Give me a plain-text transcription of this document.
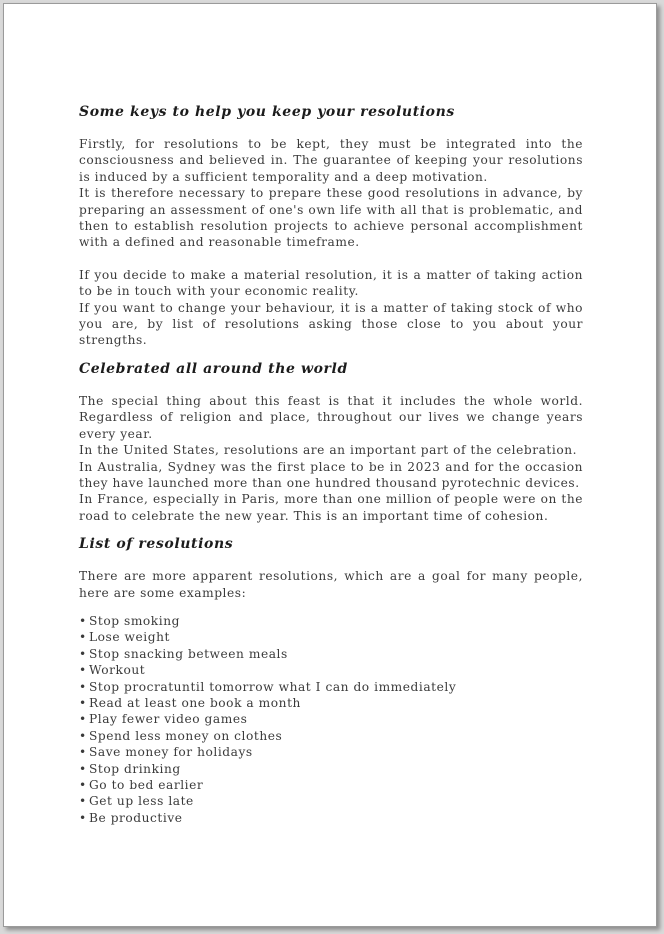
Some keys to help you keep your resolutions

Firstly, for resolutions to be kept, they must be integrated into the consciousness and believed in. The guarantee of keeping your resolutions is induced by a sufficient temporality and a deep motivation.

It is therefore necessary to prepare these good resolutions in advance, by preparing an assessment of one's own life with all that is problematic, and then to establish resolution projects to achieve personal accomplishment with a defined and reasonable timeframe.

If you decide to make a material resolution, it is a matter of taking action to be in touch with your economic reality.

If you want to change your behaviour, it is a matter of taking stock of who you are, by list of resolutions asking those close to you about your strengths.

Celebrated all around the world

The special thing about this feast is that it includes the whole world. Regardless of religion and place, throughout our lives we change years every year.

In the United States, resolutions are an important part of the celebration.

In Australia, Sydney was the first place to be in 2023 and for the occasion they have launched more than one hundred thousand pyrotechnic devices.

In France, especially in Paris, more than one million of people were on the road to celebrate the new year. This is an important time of cohesion.

List of resolutions

There are more apparent resolutions, which are a goal for many people, here are some examples:

• Stop smoking
• Lose weight
• Stop snacking between meals
• Workout
• Stop procratuntil tomorrow what I can do immediately
• Read at least one book a month
• Play fewer video games
• Spend less money on clothes
• Save money for holidays
• Stop drinking
• Go to bed earlier
• Get up less late
• Be productive
